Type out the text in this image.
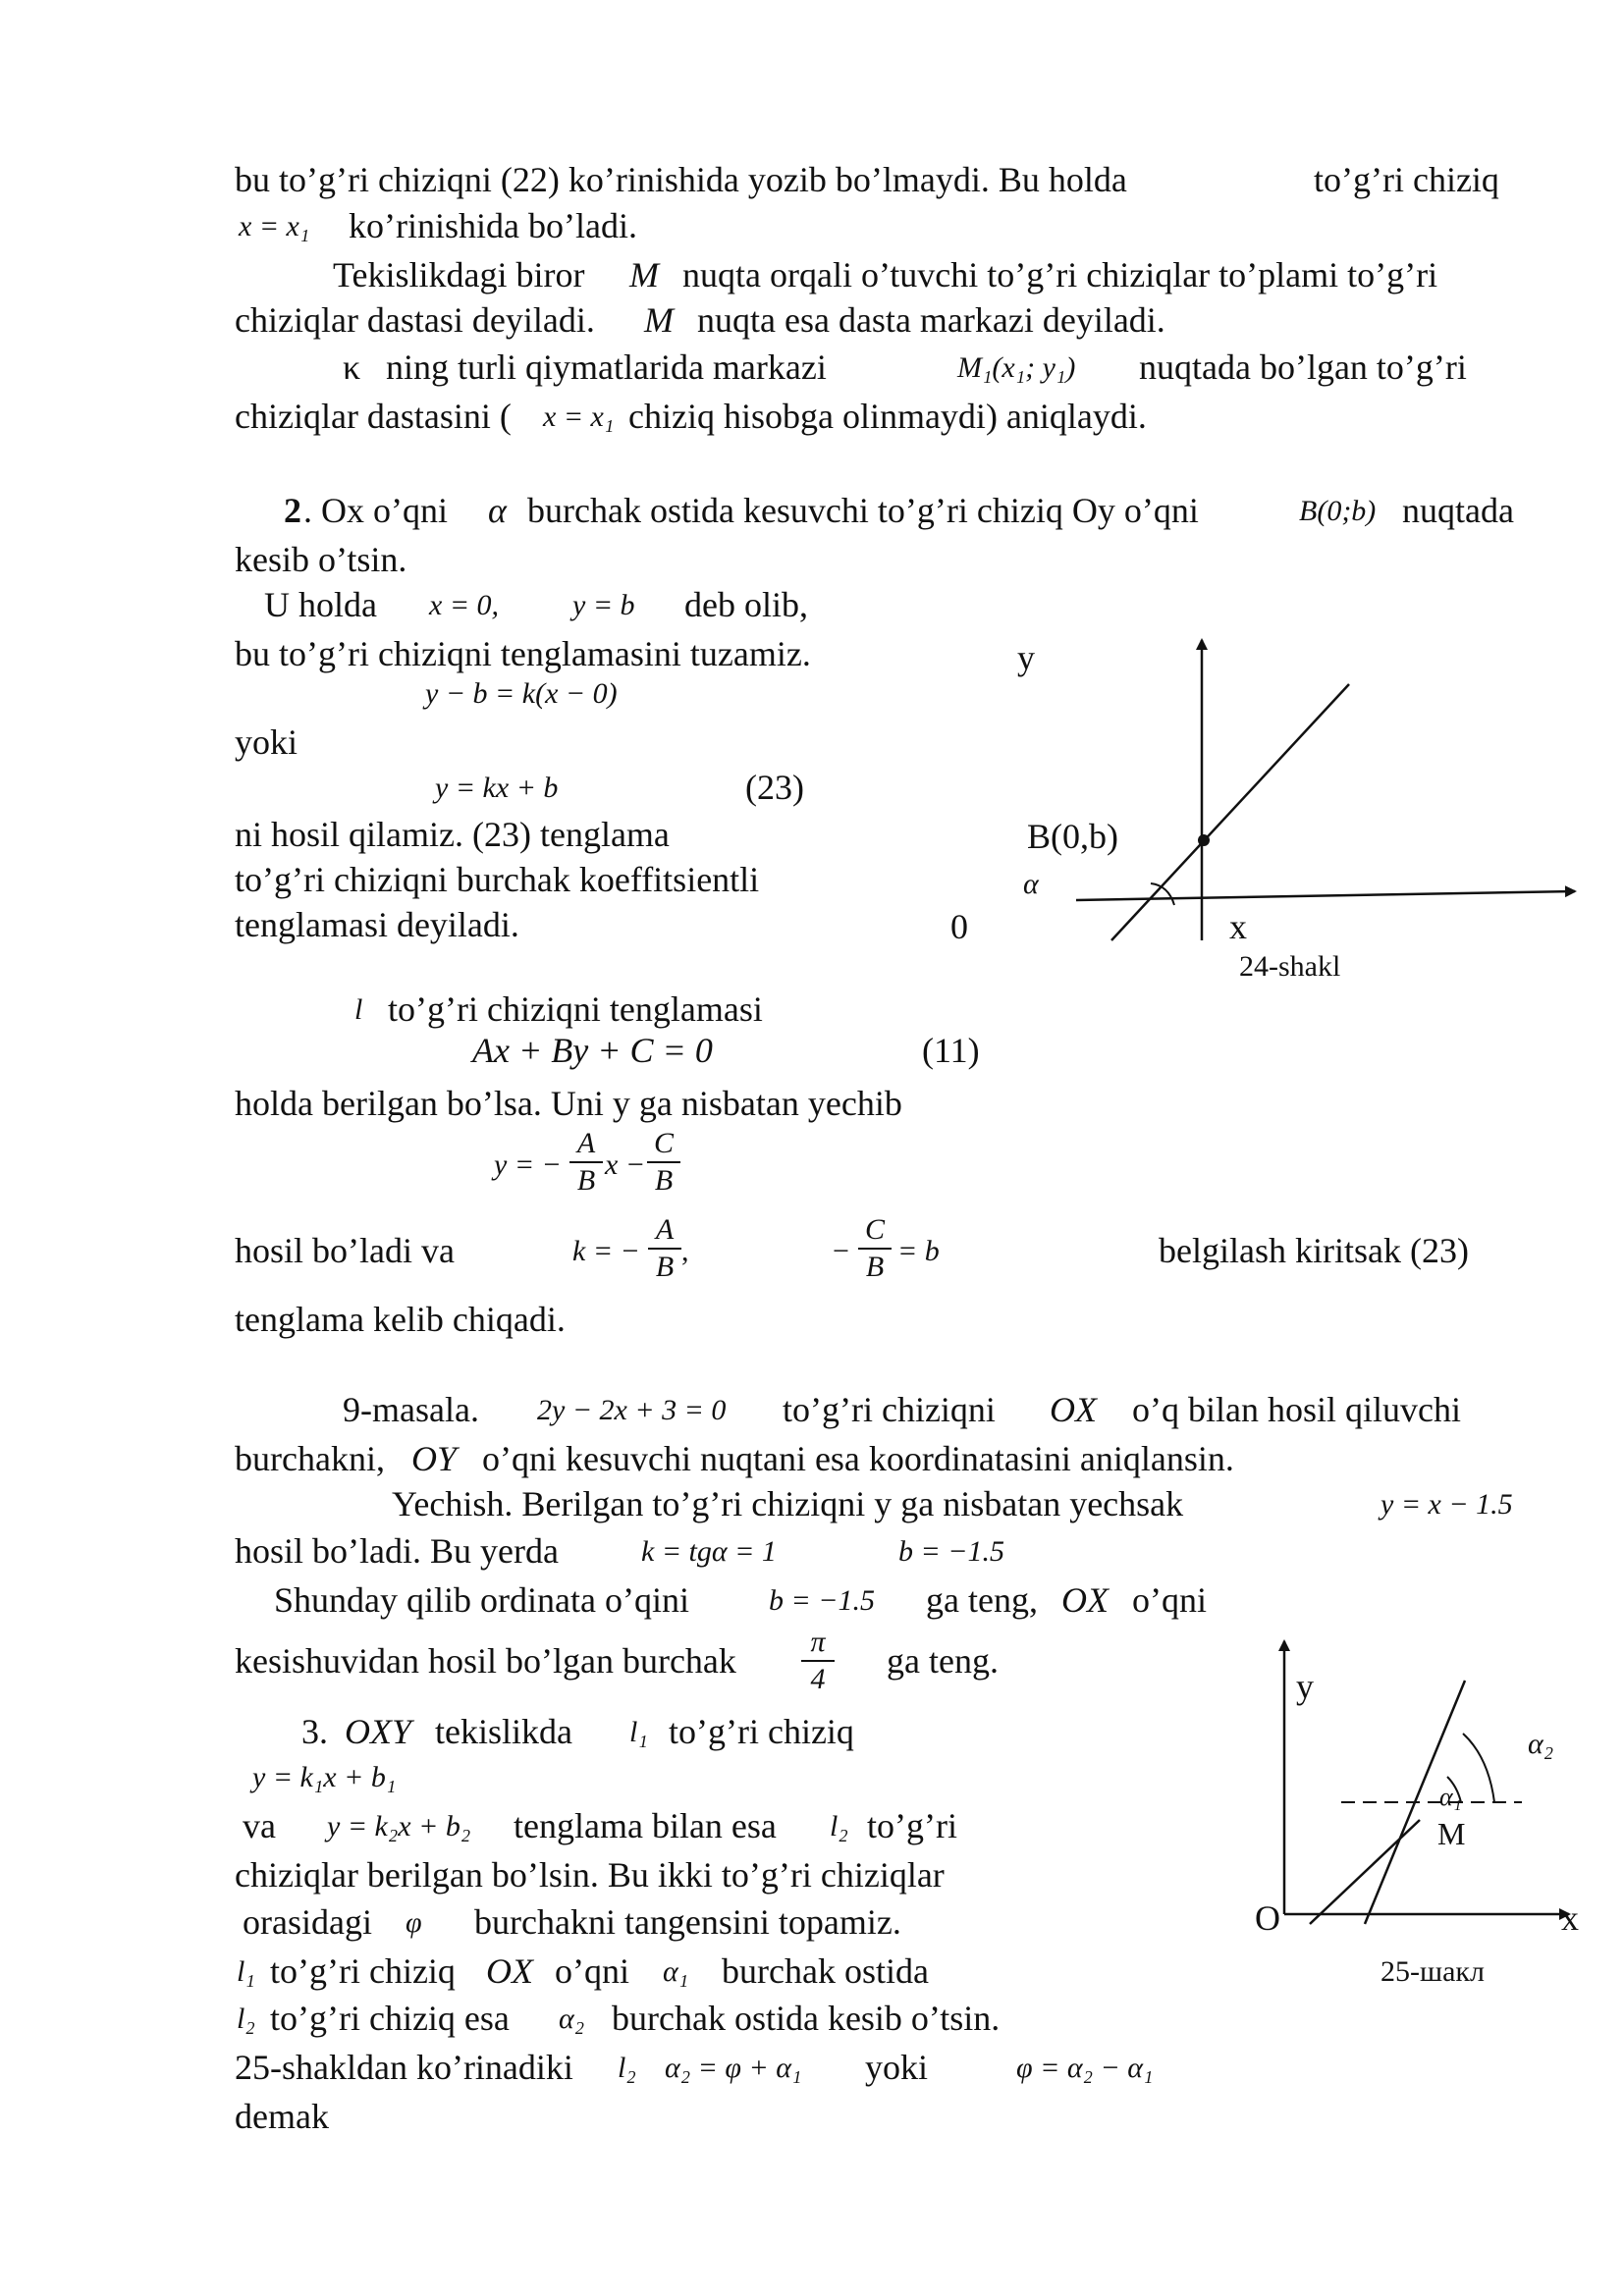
bu to’g’ri chiziqni (22) ko’rinishida yozib bo’lmaydi. Bu holda	to’g’ri chiziq
x = x₁ ko’rinishida bo’ladi.
Tekislikdagi biror M nuqta orqali o’tuvchi to’g’ri chiziqlar to’plami to’g’ri
chiziqlar dastasi deyiladi. M nuqta esa dasta markazi deyiladi.
κ ning turli qiymatlarida markazi	M₁(x₁; y₁) nuqtada bo’lgan to’g’ri
chiziqlar dastasini ( x = x₁ chiziq hisobga olinmaydi) aniqlaydi.
2 . Ox o’qni α burchak ostida kesuvchi to’g’ri chiziq Oy o’qni	B(0;b) nuqtada
kesib o’tsin.
U holda x = 0, y = b deb olib,
bu to’g’ri chiziqni tenglamasini tuzamiz.
y − b = k(x − 0)
yoki
y = kx + b	(23)
ni hosil qilamiz. (23) tenglama
to’g’ri chiziqni burchak koeffitsientli
tenglamasi deyiladi.
y
B(0,b)
α
0	x
24-shakl
l to’g’ri chiziqni tenglamasi
Ax + By + C = 0	(11)
holda berilgan bo’lsa. Uni y ga nisbatan yechib
y = −
A
B x −
C
B
hosil bo’ladi va	k = −
A
B ,	−
C
B = b	belgilash kiritsak (23)
tenglama kelib chiqadi.
9-masala. 2y − 2x + 3 = 0 to’g’ri chiziqni OX o’q bilan hosil qiluvchi
burchakni, OY o’qni kesuvchi nuqtani esa koordinatasini aniqlansin.
Yechish. Berilgan to’g’ri chiziqni y ga nisbatan yechsak	y = x − 1.5
hosil bo’ladi. Bu yerda	k = tgα = 1	b = −1.5
Shunday qilib ordinata o’qini	b = −1.5 ga teng, OX o’qni
kesishuvidan hosil bo’lgan burchak	π
4 ga teng.
3. OXY tekislikda l₁ to’g’ri chiziq
y = k₁x + b₁
va y = k₂x + b₂ tenglama bilan esa l₂ to’g’ri
chiziqlar berilgan bo’lsin. Bu ikki to’g’ri chiziqlar
orasidagi φ burchakni tangensini topamiz.
l₁ to’g’ri chiziq OX o’qni α₁ burchak ostida
l₂ to’g’ri chiziq esa α₂ burchak ostida kesib o’tsin.
25-shakldan ko’rinadiki l₂ α₂ = φ + α₁ yoki	φ = α₂ − α₁
demak
y
α₂
α₁
M
O	x
25-шакл
